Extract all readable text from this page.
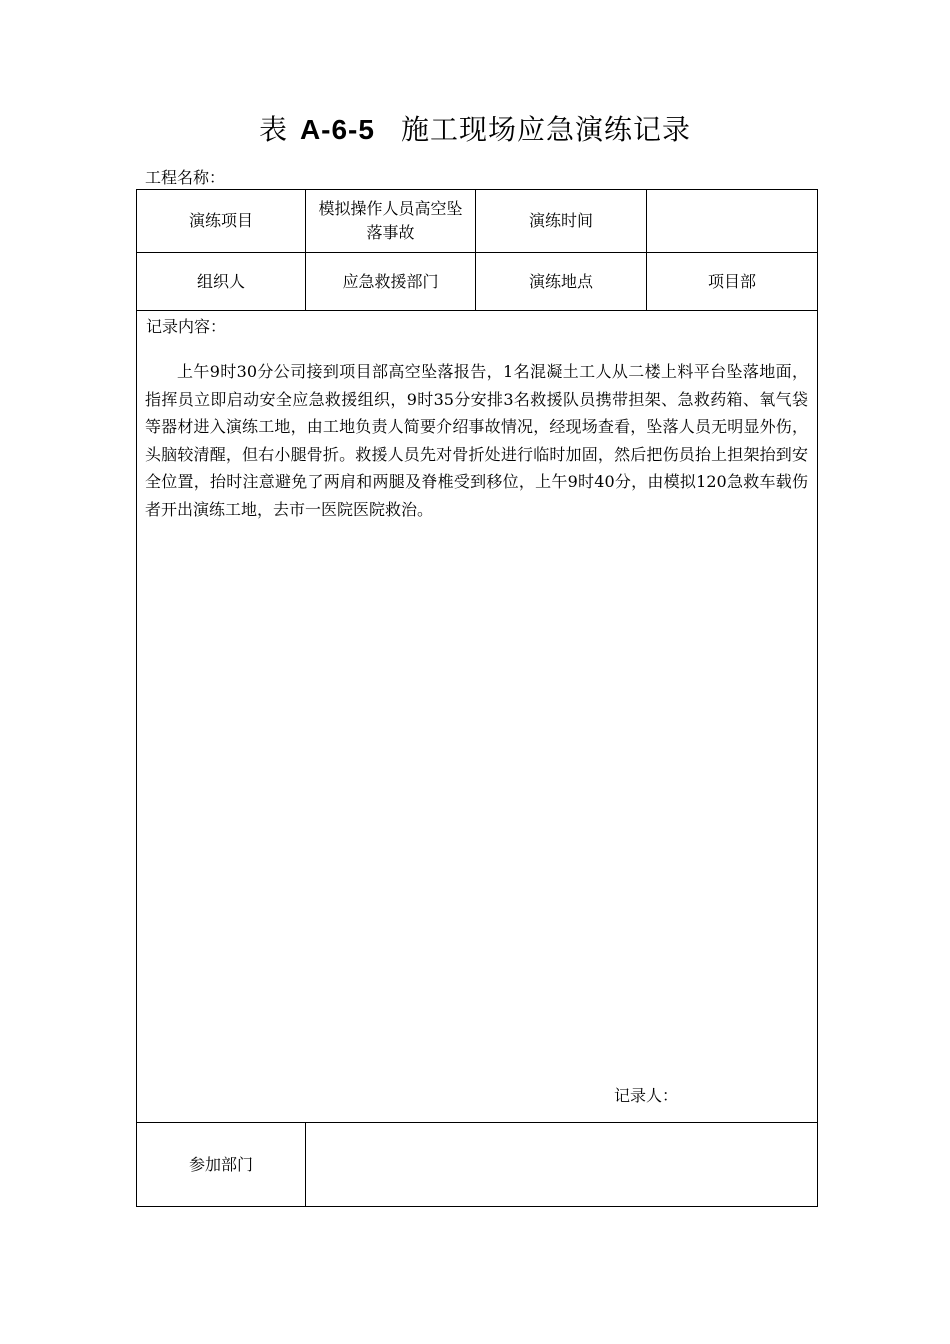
表 A-6-5 施工现场应急演练记录
工程名称：
演练项目	模拟操作人员高空坠落事故	演练时间	
组织人	应急救援部门	演练地点	项目部

记录内容：
上午9时30分公司接到项目部高空坠落报告，1名混凝土工人从二楼上料平台坠落地面，指挥员立即启动安全应急救援组织，9时35分安排3名救援队员携带担架、急救药箱、氧气袋等器材进入演练工地，由工地负责人简要介绍事故情况，经现场查看，坠落人员无明显外伤，头脑较清醒，但右小腿骨折。救援人员先对骨折处进行临时加固，然后把伤员抬上担架抬到安全位置，抬时注意避免了两肩和两腿及脊椎受到移位，上午9时40分，由模拟120急救车载伤者开出演练工地，去市一医院医院救治。
记录人：			

参加部门			
